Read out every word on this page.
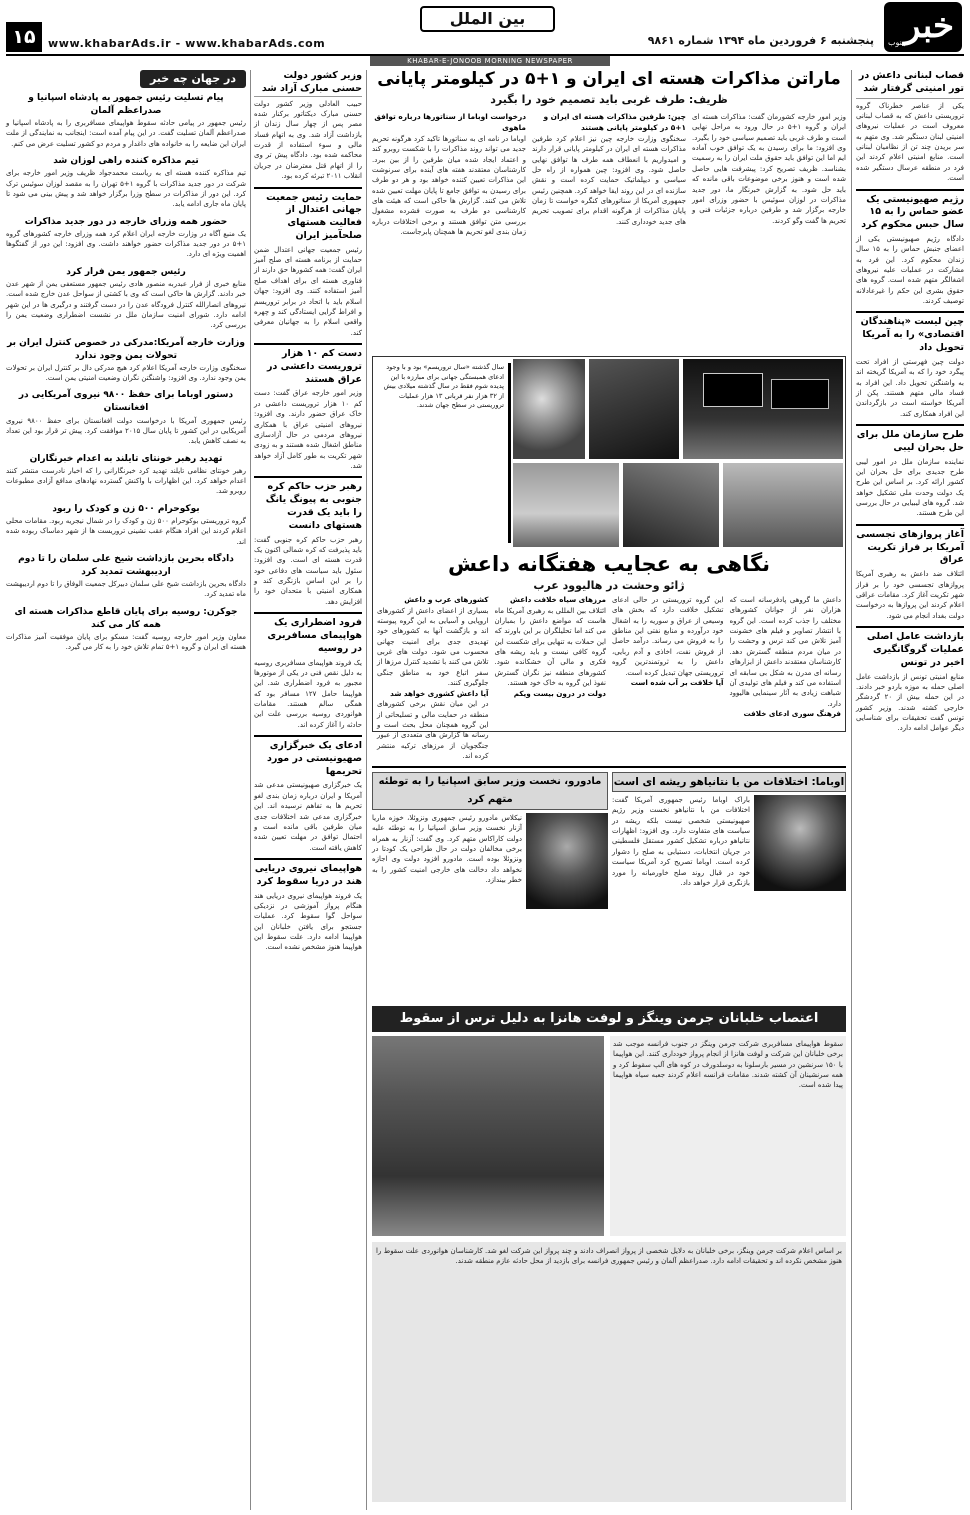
خبر
جنوب
پنجشنبه ۶ فروردین ماه ۱۳۹۴ شماره ۹۸۶۱
بین الملل
www.khabarAds.ir - www.khabarAds.com
۱۵
KHABAR-E-JONOOB MORNING NEWSPAPER
قصاب لبنانی داعش در تور امنیتی گرفتار شد
یکی از عناصر خطرناک گروه تروریستی داعش که به قصاب لبنانی معروف است در عملیات نیروهای امنیتی لبنان دستگیر شد. وی متهم به سر بریدن چند تن از نظامیان لبنانی است. منابع امنیتی اعلام کردند این فرد در منطقه عرسال دستگیر شده است.
رژیم صهیونیستی یک عضو حماس را به ۱۵ سال حبس محکوم کرد
دادگاه رژیم صهیونیستی یکی از اعضای جنبش حماس را به ۱۵ سال زندان محکوم کرد. این فرد به مشارکت در عملیات علیه نیروهای اشغالگر متهم شده است. گروه های حقوق بشری این حکم را غیرعادلانه توصیف کردند.
چین لیست «پناهندگان اقتصادی» را به آمریکا تحویل داد
دولت چین فهرستی از افراد تحت پیگرد خود را که به آمریکا گریخته اند به واشنگتن تحویل داد. این افراد به فساد مالی متهم هستند. پکن از آمریکا خواسته است در بازگرداندن این افراد همکاری کند.
طرح سازمان ملل برای حل بحران لیبی
نماینده سازمان ملل در امور لیبی طرح جدیدی برای حل بحران این کشور ارائه کرد. بر اساس این طرح یک دولت وحدت ملی تشکیل خواهد شد. گروه های لیبیایی در حال بررسی این طرح هستند.
آغاز پروازهای تجسسی آمریکا بر فراز تکریت عراق
ائتلاف ضد داعش به رهبری آمریکا پروازهای تجسسی خود را بر فراز شهر تکریت آغاز کرد. مقامات عراقی اعلام کردند این پروازها به درخواست دولت بغداد انجام می شود.
بازداشت عامل اصلی عملیات گروگانگیری اخیر در تونس
منابع امنیتی تونس از بازداشت عامل اصلی حمله به موزه باردو خبر دادند. در این حمله بیش از ۲۰ گردشگر خارجی کشته شدند. وزیر کشور تونس گفت تحقیقات برای شناسایی دیگر عوامل ادامه دارد.
ماراتن مذاکرات هسته ای ایران و ۱+۵ در کیلومتر پایانی
ظریف: طرف غربی باید تصمیم خود را بگیرد
وزیر امور خارجه کشورمان گفت: مذاکرات هسته ای ایران و گروه ۱+۵ در حال ورود به مراحل نهایی است و طرف غربی باید تصمیم سیاسی خود را بگیرد. وی افزود: ما برای رسیدن به یک توافق خوب آماده ایم اما این توافق باید حقوق ملت ایران را به رسمیت بشناسد. ظریف تصریح کرد: پیشرفت هایی حاصل شده است و هنوز برخی موضوعات باقی مانده که باید حل شود. به گزارش خبرنگار ما، دور جدید مذاکرات در لوزان سوئیس با حضور وزرای امور خارجه برگزار شد و طرفین درباره جزئیات فنی و تحریم ها گفت وگو کردند.
چین: طرفین مذاکرات هسته ای ایران و ۱+۵ در کیلومتر پایانی هستند
سخنگوی وزارت خارجه چین نیز اعلام کرد طرفین مذاکرات هسته ای ایران در کیلومتر پایانی قرار دارند و امیدواریم با انعطاف همه طرف ها توافق نهایی حاصل شود. وی افزود: چین همواره از راه حل سیاسی و دیپلماتیک حمایت کرده است و نقش سازنده ای در این روند ایفا خواهد کرد. همچنین رئیس جمهوری آمریکا از سناتورهای کنگره خواست تا زمان پایان مذاکرات از هرگونه اقدام برای تصویب تحریم های جدید خودداری کنند.
درخواست اوباما از سناتورها درباره توافق
ماهوی
اوباما در نامه ای به سناتورها تاکید کرد هرگونه تحریم جدید می تواند روند مذاکرات را با شکست روبرو کند و اعتماد ایجاد شده میان طرفین را از بین ببرد. کارشناسان معتقدند هفته های آینده برای سرنوشت این مذاکرات تعیین کننده خواهد بود و هر دو طرف برای رسیدن به توافق جامع تا پایان مهلت تعیین شده تلاش می کنند. گزارش ها حاکی است که هیئت های کارشناسی دو طرف به صورت فشرده مشغول بررسی متن توافق هستند و برخی اختلافات درباره زمان بندی لغو تحریم ها همچنان پابرجاست.
سال گذشته «سال تروریسم» بود و با وجود ادعای همبستگی جهانی برای مبارزه با این پدیده شوم فقط در سال گذشته میلادی بیش از ۳۲ هزار نفر قربانی ۱۳ هزار عملیات تروریستی در سطح جهان شدند.
نگاهی به عجایب هفتگانه داعش
ژائو وحشت در هالیوود عرب
داعش ما گروهی پادفرسانه است که هزاران نفر از جوانان کشورهای مختلف را جذب کرده است. این گروه با انتشار تصاویر و فیلم های خشونت آمیز تلاش می کند ترس و وحشت را در میان مردم منطقه گسترش دهد. کارشناسان معتقدند داعش از ابزارهای رسانه ای مدرن به شکل بی سابقه ای استفاده می کند و فیلم های تولیدی آن شباهت زیادی به آثار سینمایی هالیوود دارد.
فرهنگ سوری ادعای خلافت
این گروه تروریستی در حالی ادعای تشکیل خلافت دارد که بخش های وسیعی از عراق و سوریه را به اشغال خود درآورده و منابع نفتی این مناطق را به فروش می رساند. درآمد حاصل از فروش نفت، اخاذی و آدم ربایی، داعش را به ثروتمندترین گروه تروریستی جهان تبدیل کرده است.
آیا خلافت بر آب شده است
مرزهای سیاه خلافت داعش
ائتلاف بین المللی به رهبری آمریکا ماه هاست که مواضع داعش را بمباران می کند اما تحلیلگران بر این باورند که این حملات به تنهایی برای شکست این گروه کافی نیست و باید ریشه های فکری و مالی آن خشکانده شود. کشورهای منطقه نیز نگران گسترش نفوذ این گروه به خاک خود هستند.
دولت در درون بیست ویکم
کشورهای عرب و داعش
بسیاری از اعضای داعش از کشورهای اروپایی و آسیایی به این گروه پیوسته اند و بازگشت آنها به کشورهای خود تهدیدی جدی برای امنیت جهانی محسوب می شود. دولت های غربی تلاش می کنند با تشدید کنترل مرزها از سفر اتباع خود به مناطق جنگی جلوگیری کنند.
آیا داعش کشوری خواهد شد
در این میان نقش برخی کشورهای منطقه در حمایت مالی و تسلیحاتی از این گروه همچنان محل بحث است و رسانه ها گزارش های متعددی از عبور جنگجویان از مرزهای ترکیه منتشر کرده اند.
اوباما: اختلافات من با نتانیاهو ریشه ای است
باراک اوباما رئیس جمهوری آمریکا گفت: اختلافات من با نتانیاهو نخست وزیر رژیم صهیونیستی شخصی نیست بلکه ریشه در سیاست های متفاوت دارد. وی افزود: اظهارات نتانیاهو درباره تشکیل کشور مستقل فلسطینی در جریان انتخابات، دستیابی به صلح را دشوار کرده است. اوباما تصریح کرد آمریکا سیاست خود در قبال روند صلح خاورمیانه را مورد بازنگری قرار خواهد داد.
مادورو، نخست وزیر سابق اسپانیا را به توطئه متهم کرد
نیکلاس مادورو رئیس جمهوری ونزوئلا، خوزه ماریا آزنار نخست وزیر سابق اسپانیا را به توطئه علیه دولت کاراکاس متهم کرد. وی گفت: آزنار به همراه برخی مخالفان دولت در حال طراحی یک کودتا در ونزوئلا بوده است. مادورو افزود دولت وی اجازه نخواهد داد دخالت های خارجی امنیت کشور را به خطر بیندازد.
اعتصاب خلبانان جرمن وینگز و لوفت هانزا به دلیل ترس از سقوط
سقوط هواپیمای مسافربری شرکت جرمن وینگز در جنوب فرانسه موجب شد برخی خلبانان این شرکت و لوفت هانزا از انجام پرواز خودداری کنند. این هواپیما با ۱۵۰ سرنشین در مسیر بارسلونا به دوسلدورف در کوه های آلپ سقوط کرد و همه سرنشینان آن کشته شدند. مقامات فرانسه اعلام کردند جعبه سیاه هواپیما پیدا شده است.
بر اساس اعلام شرکت جرمن وینگز، برخی خلبانان به دلایل شخصی از پرواز انصراف دادند و چند پرواز این شرکت لغو شد. کارشناسان هوانوردی علت سقوط را هنوز مشخص نکرده اند و تحقیقات ادامه دارد. صدراعظم آلمان و رئیس جمهوری فرانسه برای بازدید از محل حادثه عازم منطقه شدند.
وزیر کشور دولت حسنی مبارک آزاد شد
حبیب العادلی وزیر کشور دولت حسنی مبارک دیکتاتور برکنار شده مصر پس از چهار سال زندان از بازداشت آزاد شد. وی به اتهام فساد مالی و سوء استفاده از قدرت محاکمه شده بود. دادگاه پیش تر وی را از اتهام قتل معترضان در جریان انقلاب ۲۰۱۱ تبرئه کرده بود.
حمایت رئیس جمعیت جهانی اعتدال از فعالیت هستهای صلحآمیز ایران
رئیس جمعیت جهانی اعتدال ضمن حمایت از برنامه هسته ای صلح آمیز ایران گفت: همه کشورها حق دارند از فناوری هسته ای برای اهداف صلح آمیز استفاده کنند. وی افزود: جهان اسلام باید با اتحاد در برابر تروریسم و افراط گرایی ایستادگی کند و چهره واقعی اسلام را به جهانیان معرفی کند.
دست کم ۱۰ هزار تروریست داعشی در عراق هستند
وزیر امور خارجه عراق گفت: دست کم ۱۰ هزار تروریست داعشی در خاک عراق حضور دارند. وی افزود: نیروهای امنیتی عراق با همکاری نیروهای مردمی در حال آزادسازی مناطق اشغال شده هستند و به زودی شهر تکریت به طور کامل آزاد خواهد شد.
رهبر حزب حاکم کره جنوبی به پیونگ یانگ را باید یک قدرت هستهای دانست
رهبر حزب حاکم کره جنوبی گفت: باید پذیرفت که کره شمالی اکنون یک قدرت هسته ای است. وی افزود: سئول باید سیاست های دفاعی خود را بر این اساس بازنگری کند و همکاری امنیتی با متحدان خود را افزایش دهد.
فرود اضطراری یک هواپیمای مسافربری در روسیه
یک فروند هواپیمای مسافربری روسیه به دلیل نقص فنی در یکی از موتورها مجبور به فرود اضطراری شد. این هواپیما حامل ۱۲۷ مسافر بود که همگی سالم هستند. مقامات هوانوردی روسیه بررسی علت این حادثه را آغاز کرده اند.
ادعای یک خبرگزاری صهیونیستی در مورد تحریمها
یک خبرگزاری صهیونیستی مدعی شد آمریکا و ایران درباره زمان بندی لغو تحریم ها به تفاهم نرسیده اند. این خبرگزاری مدعی شد اختلافات جدی میان طرفین باقی مانده است و احتمال توافق در مهلت تعیین شده کاهش یافته است.
هواپیمای نیروی دریایی هند در دریا سقوط کرد
یک فروند هواپیمای نیروی دریایی هند هنگام پرواز آموزشی در نزدیکی سواحل گوا سقوط کرد. عملیات جستجو برای یافتن خلبانان این هواپیما ادامه دارد. علت سقوط این هواپیما هنوز مشخص نشده است.
در جهان چه خبر
پیام تسلیت رئیس جمهور به پادشاه اسپانیا و صدراعظم آلمان
رئیس جمهور در پیامی حادثه سقوط هواپیمای مسافربری را به پادشاه اسپانیا و صدراعظم آلمان تسلیت گفت. در این پیام آمده است: اینجانب به نمایندگی از ملت ایران این ضایعه را به خانواده های داغدار و مردم دو کشور تسلیت عرض می کنم.
تیم مذاکره کننده راهی لوزان شد
تیم مذاکره کننده هسته ای به ریاست محمدجواد ظریف وزیر امور خارجه برای شرکت در دور جدید مذاکرات با گروه ۱+۵ تهران را به مقصد لوزان سوئیس ترک کرد. این دور از مذاکرات در سطح وزرا برگزار خواهد شد و پیش بینی می شود تا پایان ماه جاری ادامه یابد.
حضور همه وزرای خارجه در دور جدید مذاکرات
یک منبع آگاه در وزارت خارجه ایران اعلام کرد همه وزرای خارجه کشورهای گروه ۱+۵ در دور جدید مذاکرات حضور خواهند داشت. وی افزود: این دور از گفتگوها اهمیت ویژه ای دارد.
رئیس جمهور یمن فرار کرد
منابع خبری از فرار عبدربه منصور هادی رئیس جمهور مستعفی یمن از شهر عدن خبر دادند. گزارش ها حاکی است که وی با کشتی از سواحل عدن خارج شده است. نیروهای انصارالله کنترل فرودگاه عدن را در دست گرفتند و درگیری ها در این شهر ادامه دارد. شورای امنیت سازمان ملل در نشست اضطراری وضعیت یمن را بررسی کرد.
وزارت خارجه آمریکا:مدرکی در خصوص کنترل ایران بر تحولات یمن وجود ندارد
سخنگوی وزارت خارجه آمریکا اعلام کرد هیچ مدرکی دال بر کنترل ایران بر تحولات یمن وجود ندارد. وی افزود: واشنگتن نگران وضعیت امنیتی یمن است.
دستور اوباما برای حفظ ۹۸۰۰ نیروی آمریکایی در افغانستان
رئیس جمهوری آمریکا با درخواست دولت افغانستان برای حفظ ۹۸۰۰ نیروی آمریکایی در این کشور تا پایان سال ۲۰۱۵ موافقت کرد. پیش تر قرار بود این تعداد به نصف کاهش یابد.
تهدید رهبر خونتای تایلند به اعدام خبرنگاران
رهبر خونتای نظامی تایلند تهدید کرد خبرنگارانی را که اخبار نادرست منتشر کنند اعدام خواهد کرد. این اظهارات با واکنش گسترده نهادهای مدافع آزادی مطبوعات روبرو شد.
بوکوحرام ۵۰۰ زن و کودک را ربود
گروه تروریستی بوکوحرام ۵۰۰ زن و کودک را در شمال نیجریه ربود. مقامات محلی اعلام کردند این افراد هنگام عقب نشینی تروریست ها از شهر دماساک ربوده شده اند.
دادگاه بحرین بازداشت شیخ علی سلمان را تا دوم اردیبهشت تمدید کرد
دادگاه بحرین بازداشت شیخ علی سلمان دبیرکل جمعیت الوفاق را تا دوم اردیبهشت ماه تمدید کرد.
جوکرن: روسیه برای پایان قاطع مذاکرات هسته ای همه کار می کند
معاون وزیر امور خارجه روسیه گفت: مسکو برای پایان موفقیت آمیز مذاکرات هسته ای ایران و گروه ۱+۵ تمام تلاش خود را به کار می گیرد.
